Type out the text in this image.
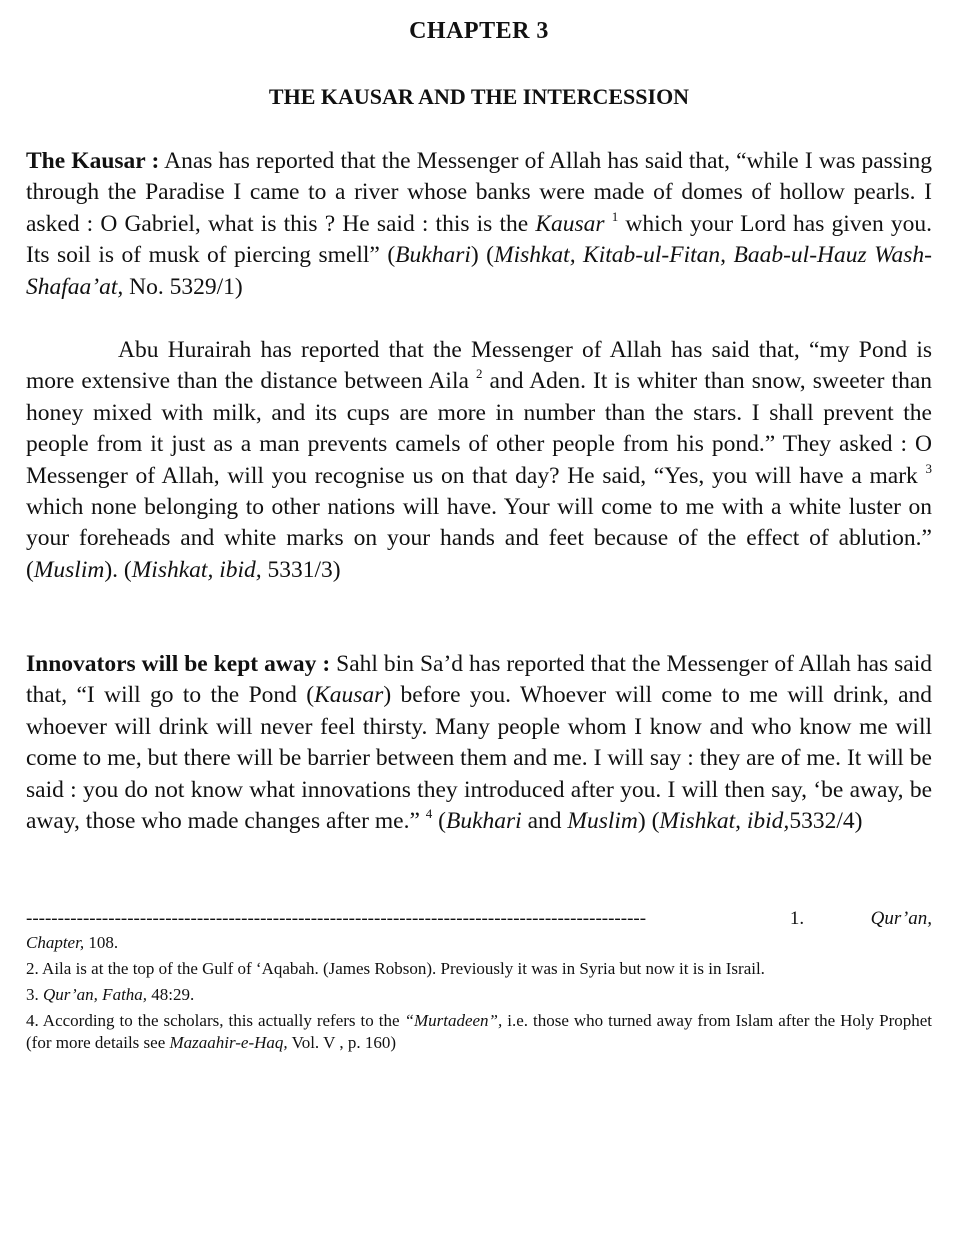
CHAPTER 3
THE KAUSAR AND THE INTERCESSION

The Kausar : Anas has reported that the Messenger of Allah has said that, “while I was passing through the Paradise I came to a river whose banks were made of domes of hollow pearls. I asked : O Gabriel, what is this ? He said : this is the Kausar $^1$ which your Lord has given you. Its soil is of musk of piercing smell” (Bukhari) (Mishkat, Kitab-ul-Fitan, Baab-ul-Hauz Wash-Shafaa’at, No. 5329/1)

Abu Hurairah has reported that the Messenger of Allah has said that, “my Pond is more extensive than the distance between Aila $^2$ and Aden. It is whiter than snow, sweeter than honey mixed with milk, and its cups are more in number than the stars. I shall prevent the people from it just as a man prevents camels of other people from his pond.” They asked : O Messenger of Allah, will you recognise us on that day? He said, “Yes, you will have a mark $^3$ which none belonging to other nations will have. Your will come to me with a white luster on your foreheads and white marks on your hands and feet because of the effect of ablution.” (Muslim). (Mishkat, ibid, 5331/3)

Innovators will be kept away : Sahl bin Sa’d has reported that the Messenger of Allah has said that, “I will go to the Pond (Kausar) before you. Whoever will come to me will drink, and whoever will drink will never feel thirsty. Many people whom I know and who know me will come to me, but there will be barrier between them and me. I will say : they are of me. It will be said : you do not know what innovations they introduced after you. I will then say, ‘be away, be away, those who made changes after me.” $^4$ (Bukhari and Muslim) (Mishkat, ibid,5332/4)

--------------------------------------------------------------------------------------------------	1.	Qur’an,
Chapter, 108.
2. Aila is at the top of the Gulf of ‘Aqabah. (James Robson). Previously it was in Syria but now it is in Israil.
3. Qur’an, Fatha, 48:29.
4. According to the scholars, this actually refers to the “Murtadeen”, i.e. those who turned away from Islam after the Holy Prophet (for more details see Mazaahir-e-Haq, Vol. V , p. 160)
